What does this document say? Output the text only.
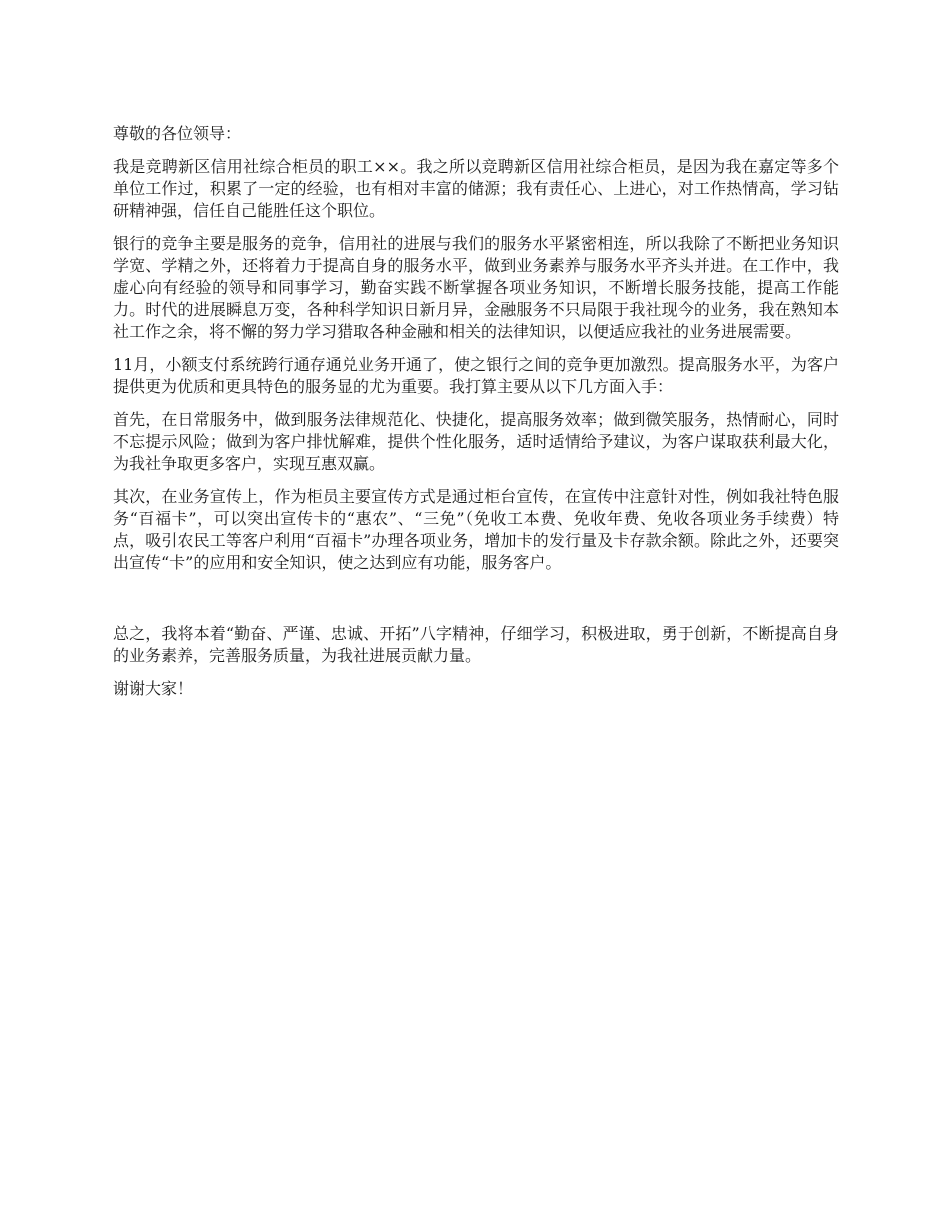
尊敬的各位领导：

我是竞聘新区信用社综合柜员的职工××。我之所以竞聘新区信用社综合柜员，是因为我在嘉定等多个单位工作过，积累了一定的经验，也有相对丰富的储源；我有责任心、上进心，对工作热情高，学习钻研精神强，信任自己能胜任这个职位。

银行的竞争主要是服务的竞争，信用社的进展与我们的服务水平紧密相连，所以我除了不断把业务知识学宽、学精之外，还将着力于提高自身的服务水平，做到业务素养与服务水平齐头并进。在工作中，我虚心向有经验的领导和同事学习，勤奋实践不断掌握各项业务知识，不断增长服务技能，提高工作能力。时代的进展瞬息万变，各种科学知识日新月异，金融服务不只局限于我社现今的业务，我在熟知本社工作之余，将不懈的努力学习猎取各种金融和相关的法律知识，以便适应我社的业务进展需要。

11月，小额支付系统跨行通存通兑业务开通了，使之银行之间的竞争更加激烈。提高服务水平，为客户提供更为优质和更具特色的服务显的尤为重要。我打算主要从以下几方面入手：

首先，在日常服务中，做到服务法律规范化、快捷化，提高服务效率；做到微笑服务，热情耐心，同时不忘提示风险；做到为客户排忧解难，提供个性化服务，适时适情给予建议，为客户谋取获利最大化，为我社争取更多客户，实现互惠双赢。

其次，在业务宣传上，作为柜员主要宣传方式是通过柜台宣传，在宣传中注意针对性，例如我社特色服务“百福卡”，可以突出宣传卡的“惠农”、“三免”（免收工本费、免收年费、免收各项业务手续费）特点，吸引农民工等客户利用“百福卡”办理各项业务，增加卡的发行量及卡存款余额。除此之外，还要突出宣传“卡”的应用和安全知识，使之达到应有功能，服务客户。

总之，我将本着“勤奋、严谨、忠诚、开拓”八字精神，仔细学习，积极进取，勇于创新，不断提高自身的业务素养，完善服务质量，为我社进展贡献力量。

谢谢大家！
